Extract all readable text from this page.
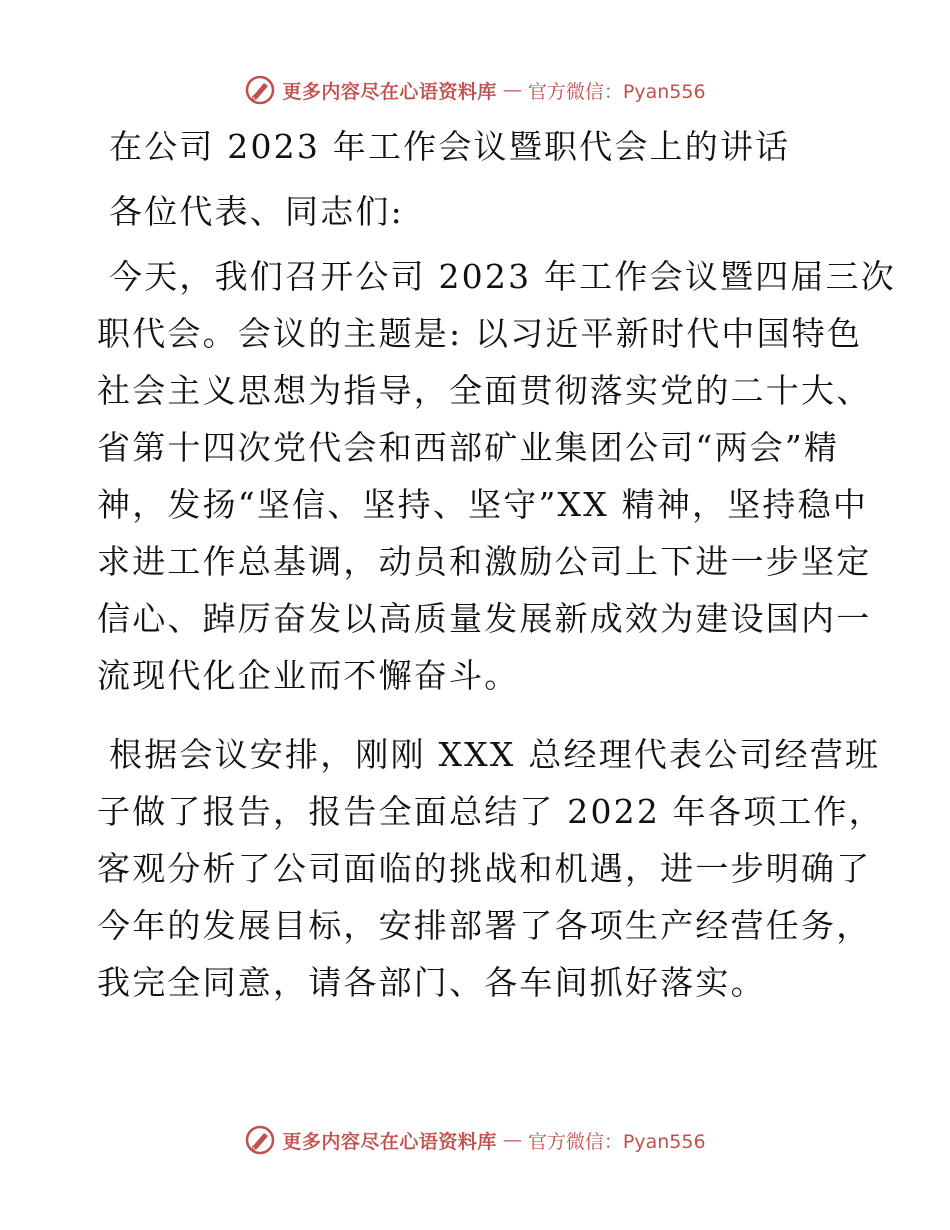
更多内容尽在心语资料库 — 官方微信：Pyan556

在公司 2023 年工作会议暨职代会上的讲话

各位代表、同志们:

今天，我们召开公司 2023 年工作会议暨四届三次
职代会。会议的主题是: 以习近平新时代中国特色
社会主义思想为指导，全面贯彻落实党的二十大、
省第十四次党代会和西部矿业集团公司“两会”精
神，发扬“坚信、坚持、坚守”XX 精神，坚持稳中
求进工作总基调，动员和激励公司上下进一步坚定
信心、踔厉奋发以高质量发展新成效为建设国内一
流现代化企业而不懈奋斗。
根据会议安排，刚刚 XXX 总经理代表公司经营班
子做了报告，报告全面总结了 2022 年各项工作，
客观分析了公司面临的挑战和机遇，进一步明确了
今年的发展目标，安排部署了各项生产经营任务，
我完全同意，请各部门、各车间抓好落实。
更多内容尽在心语资料库 — 官方微信：Pyan556
